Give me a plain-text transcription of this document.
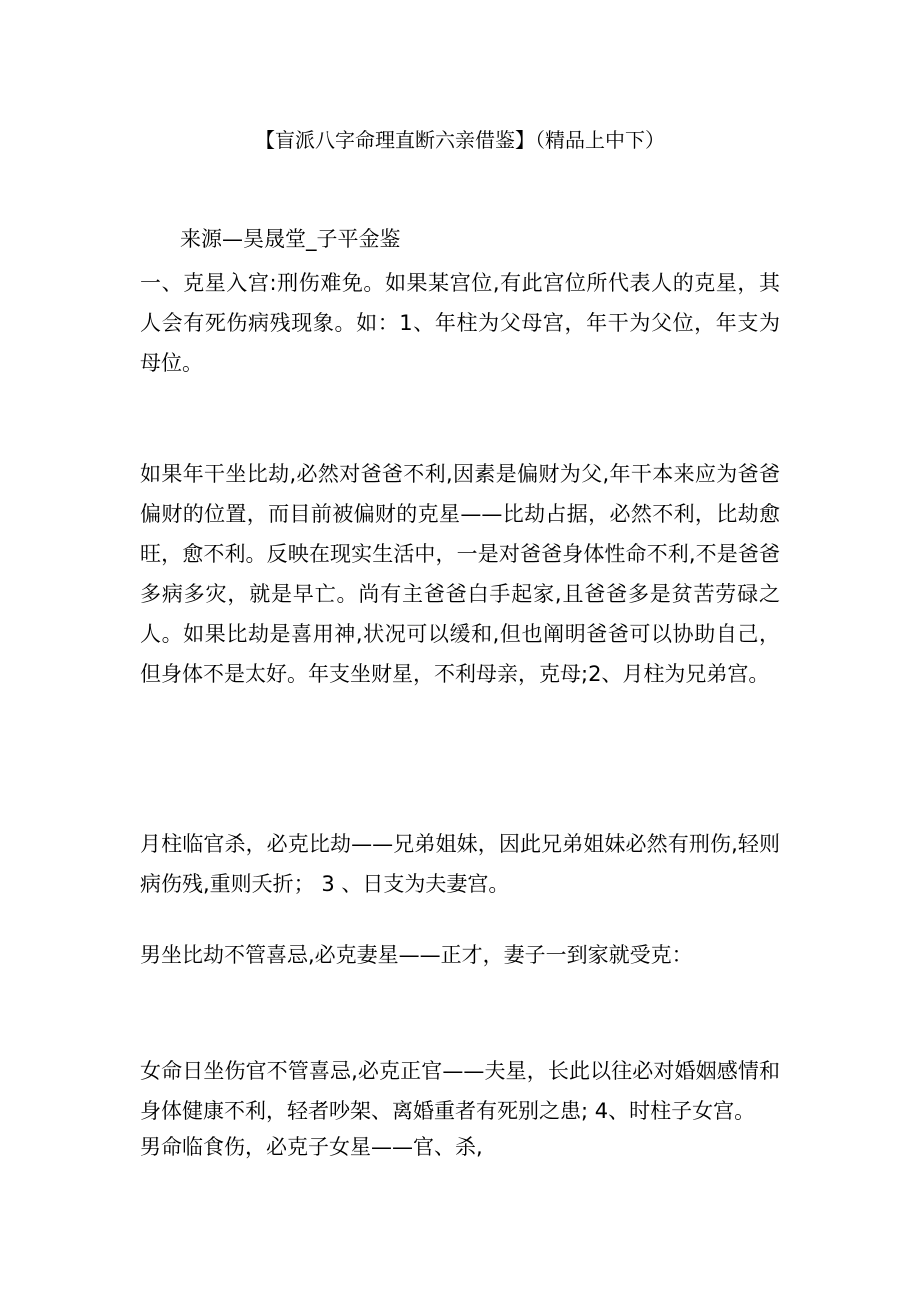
【盲派八字命理直断六亲借鉴】（精品上中下）
来源—昊晟堂_子平金鉴

一、克星入宫:刑伤难免。如果某宫位,有此宫位所代表人的克星，其人会有死伤病残现象。如：1、年柱为父母宫，年干为父位，年支为母位。

如果年干坐比劫,必然对爸爸不利,因素是偏财为父,年干本来应为爸爸偏财的位置，而目前被偏财的克星——比劫占据，必然不利，比劫愈旺，愈不利。反映在现实生活中，一是对爸爸身体性命不利,不是爸爸多病多灾，就是早亡。尚有主爸爸白手起家,且爸爸多是贫苦劳碌之人。如果比劫是喜用神,状况可以缓和,但也阐明爸爸可以协助自己，但身体不是太好。年支坐财星，不利母亲，克母;2、月柱为兄弟宫。

月柱临官杀，必克比劫——兄弟姐妹，因此兄弟姐妹必然有刑伤,轻则病伤残,重则夭折； 3 、日支为夫妻宫。

男坐比劫不管喜忌,必克妻星——正才，妻子一到家就受克：

女命日坐伤官不管喜忌,必克正官——夫星，长此以往必对婚姻感情和身体健康不利，轻者吵架、离婚重者有死别之患; 4、时柱子女宫。

男命临食伤，必克子女星——官、杀,
